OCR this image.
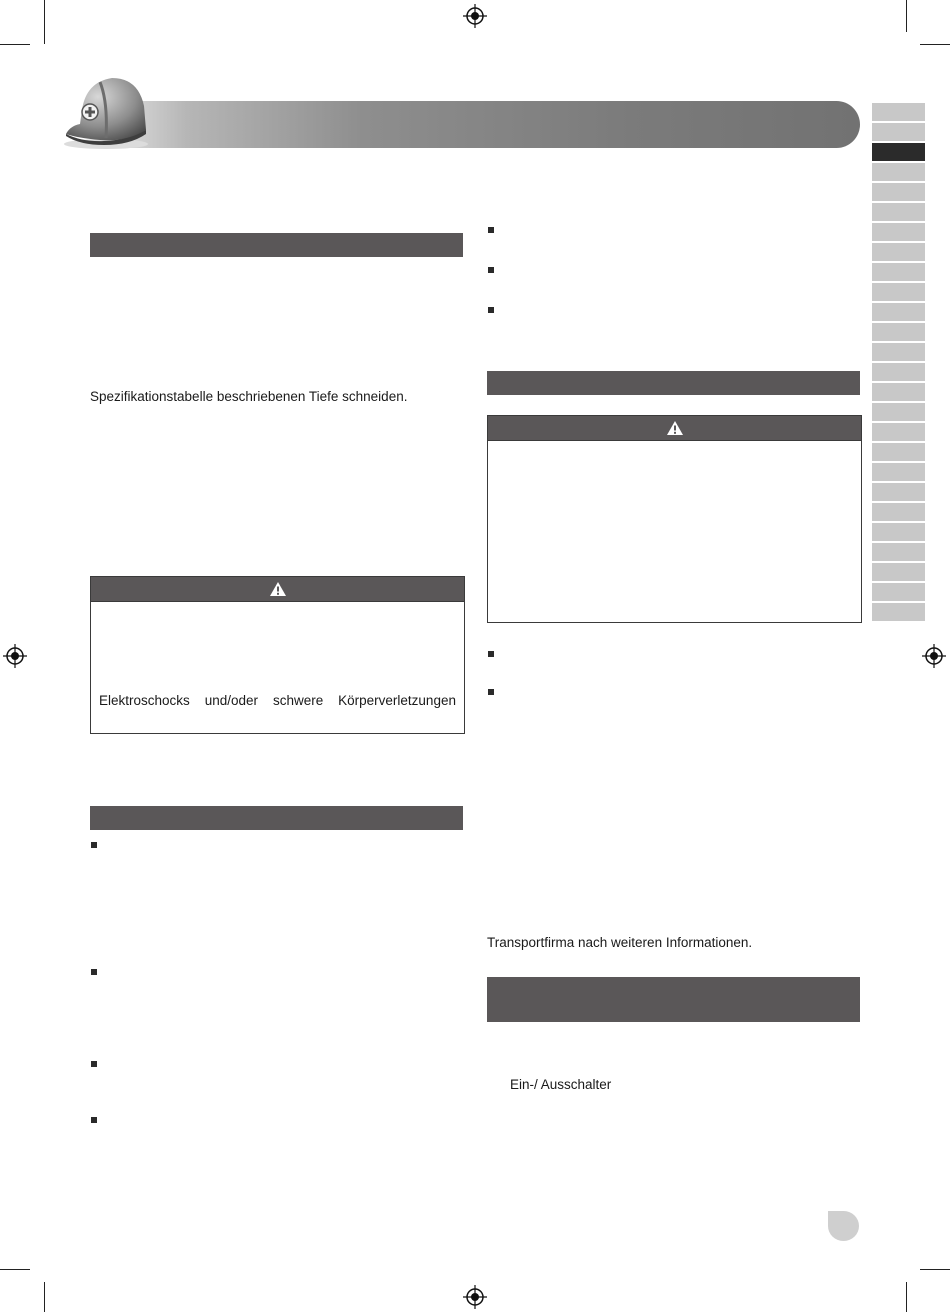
Spezifikationstabelle beschriebenen Tiefe schneiden.
Elektroschocks und/oder schwere Körperverletzungen
Transportfirma nach weiteren Informationen.
Ein-/ Ausschalter
